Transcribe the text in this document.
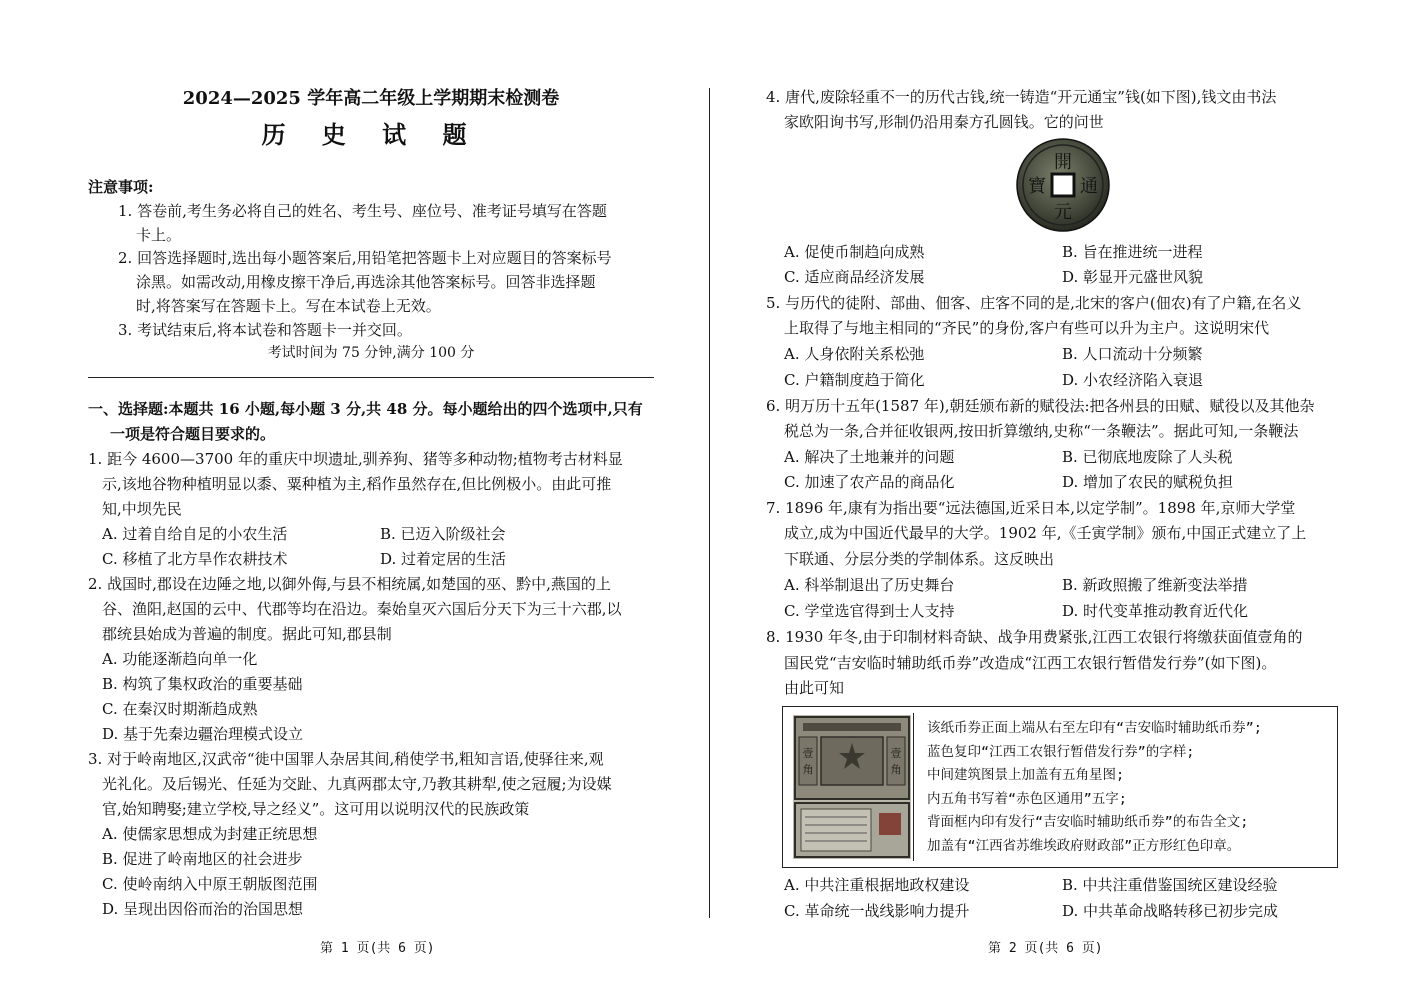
2024—2025 学年高二年级上学期期末检测卷
历 史 试 题
注意事项:
1. 答卷前,考生务必将自己的姓名、考生号、座位号、准考证号填写在答题
卡上。
2. 回答选择题时,选出每小题答案后,用铅笔把答题卡上对应题目的答案标号
涂黑。如需改动,用橡皮擦干净后,再选涂其他答案标号。回答非选择题
时,将答案写在答题卡上。写在本试卷上无效。
3. 考试结束后,将本试卷和答题卡一并交回。
考试时间为 75 分钟,满分 100 分
一、选择题:本题共 16 小题,每小题 3 分,共 48 分。每小题给出的四个选项中,只有
一项是符合题目要求的。
1. 距今 4600—3700 年的重庆中坝遗址,驯养狗、猪等多种动物;植物考古材料显
示,该地谷物种植明显以黍、粟种植为主,稻作虽然存在,但比例极小。由此可推
知,中坝先民
A. 过着自给自足的小农生活	B. 已迈入阶级社会
C. 移植了北方旱作农耕技术	D. 过着定居的生活
2. 战国时,郡设在边陲之地,以御外侮,与县不相统属,如楚国的巫、黔中,燕国的上
谷、渔阳,赵国的云中、代郡等均在沿边。秦始皇灭六国后分天下为三十六郡,以
郡统县始成为普遍的制度。据此可知,郡县制
A. 功能逐渐趋向单一化
B. 构筑了集权政治的重要基础
C. 在秦汉时期渐趋成熟
D. 基于先秦边疆治理模式设立
3. 对于岭南地区,汉武帝“徙中国罪人杂居其间,稍使学书,粗知言语,使驿往来,观
光礼化。及后锡光、任延为交趾、九真两郡太守,乃教其耕犁,使之冠履;为设媒
官,始知聘娶;建立学校,导之经义”。这可用以说明汉代的民族政策
A. 使儒家思想成为封建正统思想
B. 促进了岭南地区的社会进步
C. 使岭南纳入中原王朝版图范围
D. 呈现出因俗而治的治国思想
第 1 页(共 6 页)
4. 唐代,废除轻重不一的历代古钱,统一铸造“开元通宝”钱(如下图),钱文由书法
家欧阳询书写,形制仍沿用秦方孔圆钱。它的问世
開
元
通
寶
A. 促使币制趋向成熟	B. 旨在推进统一进程
C. 适应商品经济发展	D. 彰显开元盛世风貌
5. 与历代的徒附、部曲、佃客、庄客不同的是,北宋的客户(佃农)有了户籍,在名义
上取得了与地主相同的“齐民”的身份,客户有些可以升为主户。这说明宋代
A. 人身依附关系松弛	B. 人口流动十分频繁
C. 户籍制度趋于简化	D. 小农经济陷入衰退
6. 明万历十五年(1587 年),朝廷颁布新的赋役法:把各州县的田赋、赋役以及其他杂
税总为一条,合并征收银两,按田折算缴纳,史称“一条鞭法”。据此可知,一条鞭法
A. 解决了土地兼并的问题	B. 已彻底地废除了人头税
C. 加速了农产品的商品化	D. 增加了农民的赋税负担
7. 1896 年,康有为指出要“远法德国,近采日本,以定学制”。1898 年,京师大学堂
成立,成为中国近代最早的大学。1902 年,《壬寅学制》颁布,中国正式建立了上
下联通、分层分类的学制体系。这反映出
A. 科举制退出了历史舞台	B. 新政照搬了维新变法举措
C. 学堂选官得到士人支持	D. 时代变革推动教育近代化
8. 1930 年冬,由于印制材料奇缺、战争用费紧张,江西工农银行将缴获面值壹角的
国民党“吉安临时辅助纸币券”改造成“江西工农银行暂借发行券”(如下图)。
由此可知
壹
角
壹
角
该纸币券正面上端从右至左印有“吉安临时辅助纸币券”;
蓝色复印“江西工农银行暂借发行券”的字样;
中间建筑图景上加盖有五角星图;
内五角书写着“赤色区通用”五字;
背面框内印有发行“吉安临时辅助纸币券”的布告全文;
加盖有“江西省苏维埃政府财政部”正方形红色印章。
A. 中共注重根据地政权建设	B. 中共注重借鉴国统区建设经验
C. 革命统一战线影响力提升	D. 中共革命战略转移已初步完成
第 2 页(共 6 页)
